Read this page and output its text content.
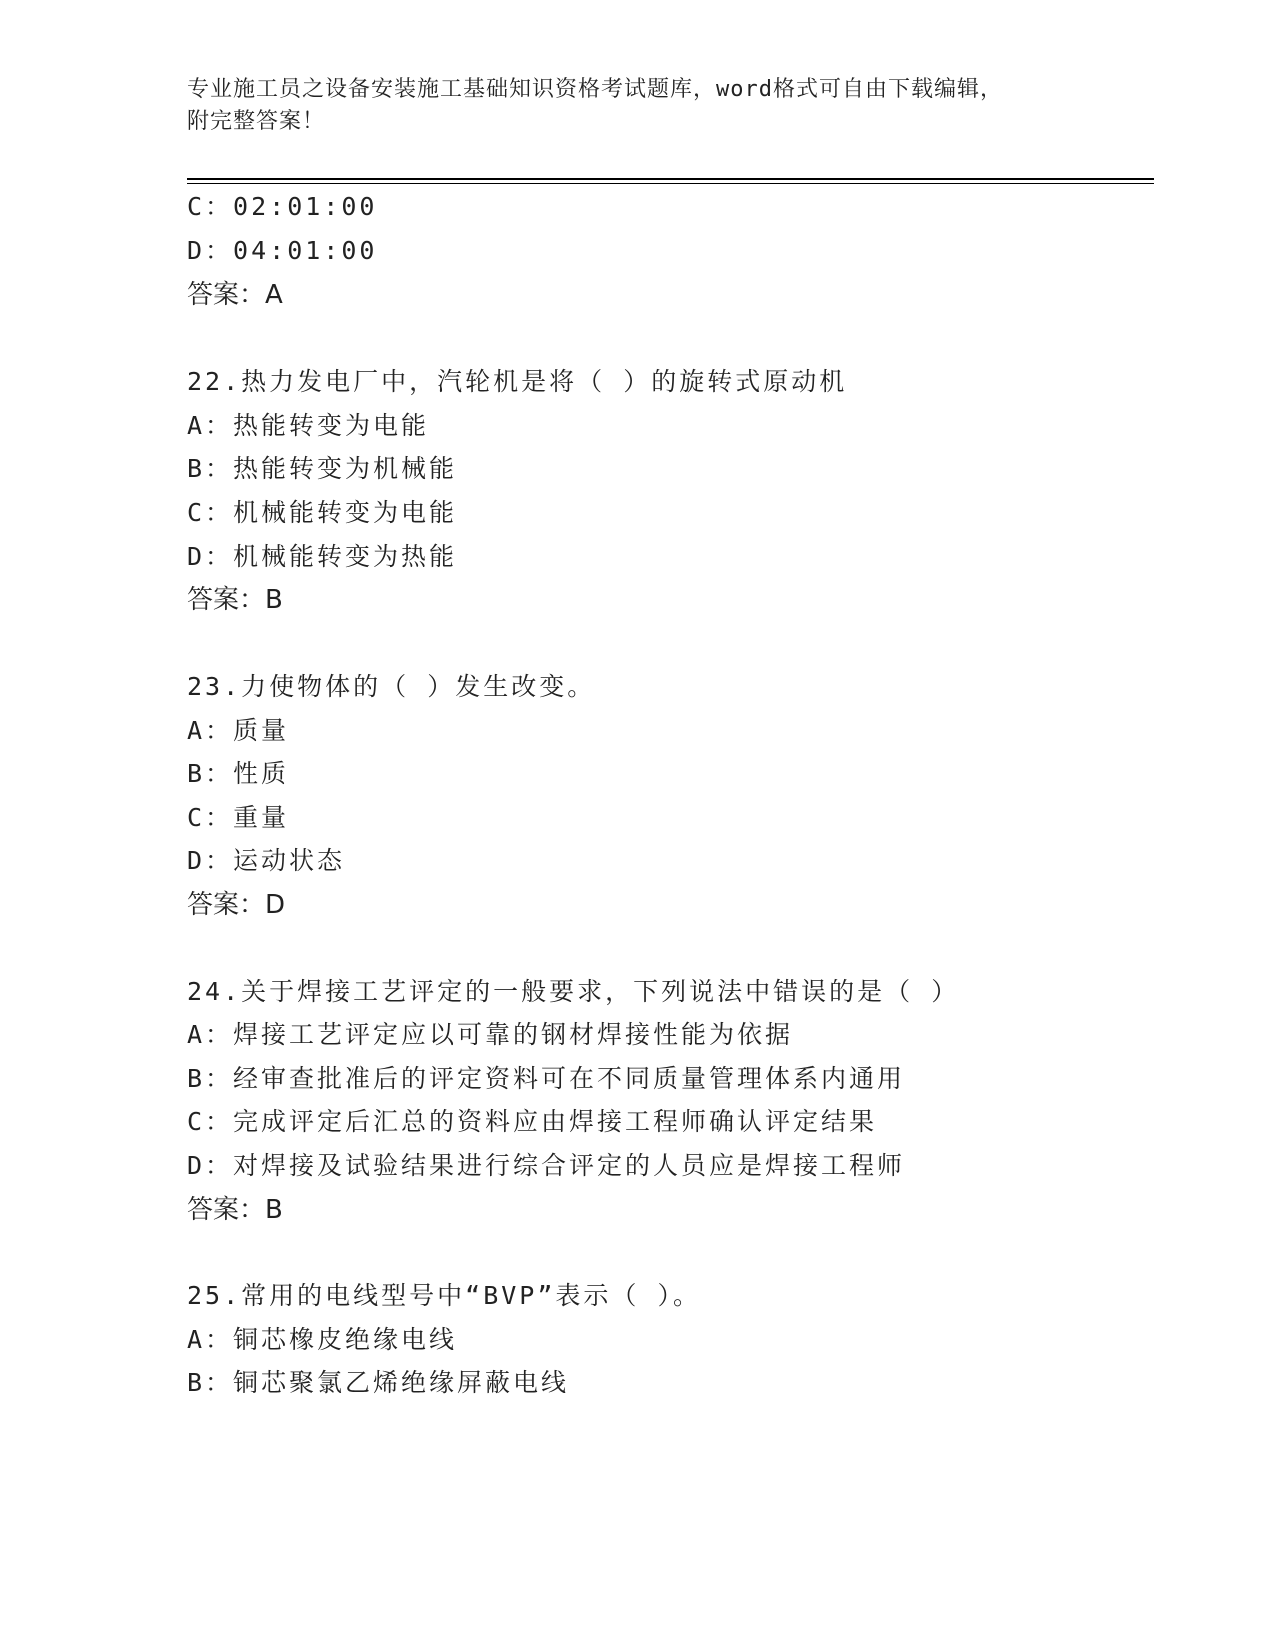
专业施工员之设备安装施工基础知识资格考试题库，word格式可自由下载编辑，
附完整答案！
C：02:01:00
D：04:01:00
答案：A
22.热力发电厂中，汽轮机是将（ ）的旋转式原动机
A：热能转变为电能
B：热能转变为机械能
C：机械能转变为电能
D：机械能转变为热能
答案：B
23.力使物体的（ ）发生改变。
A：质量
B：性质
C：重量
D：运动状态
答案：D
24.关于焊接工艺评定的一般要求，下列说法中错误的是（ ）
A：焊接工艺评定应以可靠的钢材焊接性能为依据
B：经审查批准后的评定资料可在不同质量管理体系内通用
C：完成评定后汇总的资料应由焊接工程师确认评定结果
D：对焊接及试验结果进行综合评定的人员应是焊接工程师
答案：B
25.常用的电线型号中“BVP”表示（ ）。
A：铜芯橡皮绝缘电线
B：铜芯聚氯乙烯绝缘屏蔽电线
